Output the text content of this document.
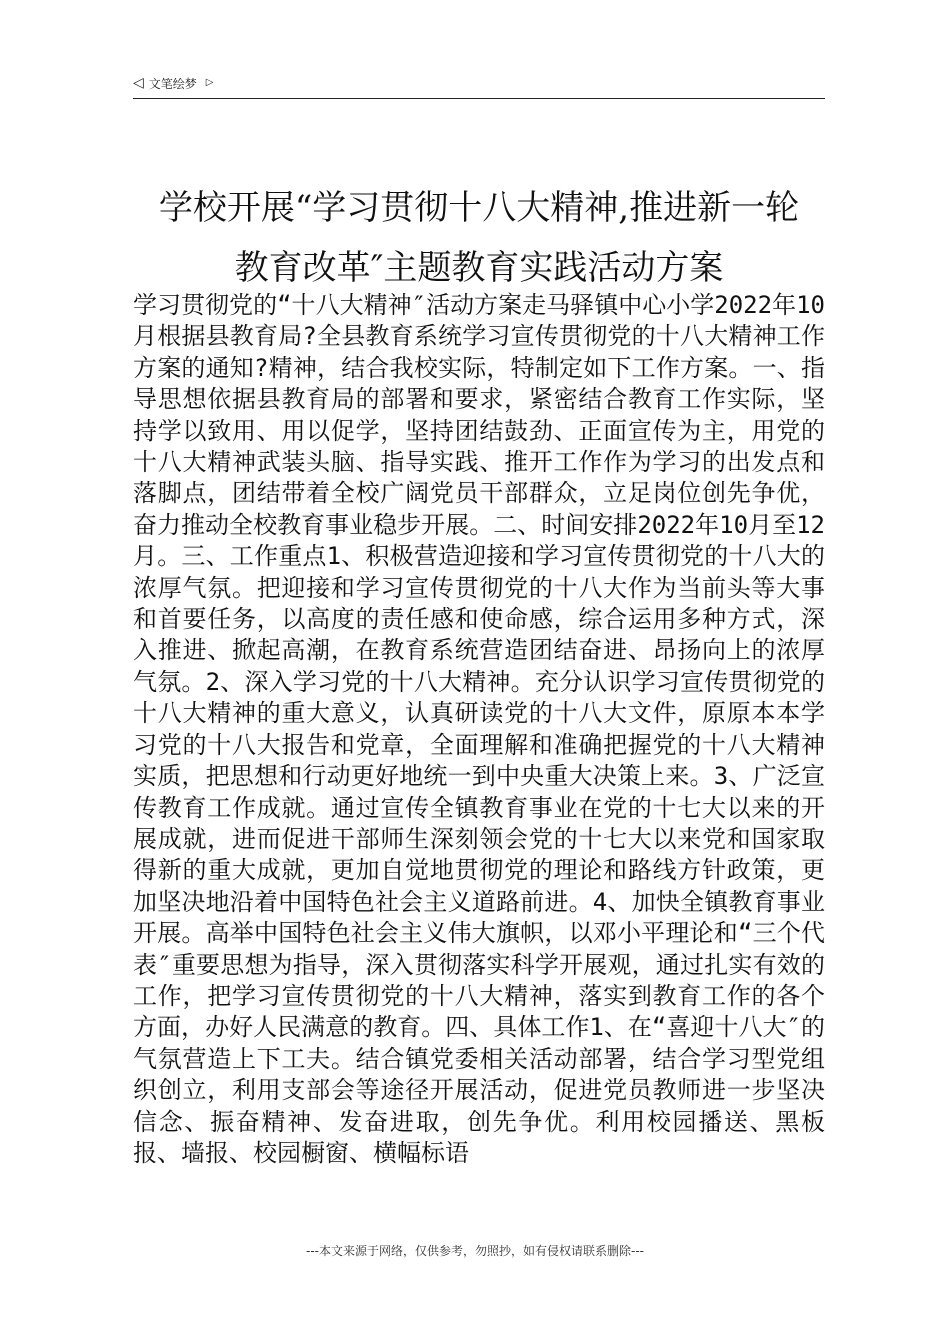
◁ 文笔绘梦 ▷
学校开展“学习贯彻十八大精神,推进新一轮
教育改革″主题教育实践活动方案
学习贯彻党的“十八大精神″活动方案走马驿镇中心小学2022年10月根据县教育局?全县教育系统学习宣传贯彻党的十八大精神工作方案的通知?精神，结合我校实际，特制定如下工作方案。一、指导思想依据县教育局的部署和要求，紧密结合教育工作实际，坚持学以致用、用以促学，坚持团结鼓劲、正面宣传为主，用党的十八大精神武装头脑、指导实践、推开工作作为学习的出发点和落脚点，团结带着全校广阔党员干部群众，立足岗位创先争优，奋力推动全校教育事业稳步开展。二、时间安排2022年10月至12月。三、工作重点1、积极营造迎接和学习宣传贯彻党的十八大的浓厚气氛。把迎接和学习宣传贯彻党的十八大作为当前头等大事和首要任务，以高度的责任感和使命感，综合运用多种方式，深入推进、掀起高潮，在教育系统营造团结奋进、昂扬向上的浓厚气氛。2、深入学习党的十八大精神。充分认识学习宣传贯彻党的十八大精神的重大意义，认真研读党的十八大文件，原原本本学习党的十八大报告和党章，全面理解和准确把握党的十八大精神实质，把思想和行动更好地统一到中央重大决策上来。3、广泛宣传教育工作成就。通过宣传全镇教育事业在党的十七大以来的开展成就，进而促进干部师生深刻领会党的十七大以来党和国家取得新的重大成就，更加自觉地贯彻党的理论和路线方针政策，更加坚决地沿着中国特色社会主义道路前进。4、加快全镇教育事业开展。高举中国特色社会主义伟大旗帜，以邓小平理论和“三个代表″重要思想为指导，深入贯彻落实科学开展观，通过扎实有效的工作，把学习宣传贯彻党的十八大精神，落实到教育工作的各个方面，办好人民满意的教育。四、具体工作1、在“喜迎十八大″的气氛营造上下工夫。结合镇党委相关活动部署，结合学习型党组织创立，利用支部会等途径开展活动，促进党员教师进一步坚决信念、振奋精神、发奋进取，创先争优。利用校园播送、黑板报、墙报、校园橱窗、横幅标语
---本文来源于网络，仅供参考，勿照抄，如有侵权请联系删除---
